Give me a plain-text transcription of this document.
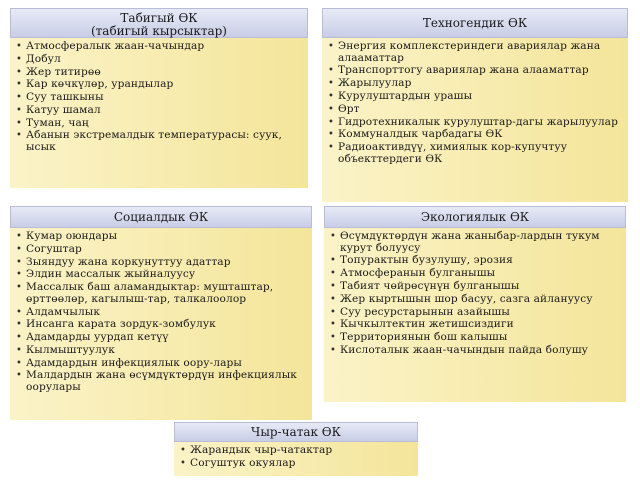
Табигый ӨК
(табигый кырсыктар)
• Атмосфералык жаан-чачындар
• Добул
• Жер титирөө
• Кар көчкүлөр, урандылар
• Суу ташкыны
• Катуу шамал
• Туман, чаң
• Абанын экстремалдык температурасы: суук, ысык
Техногендик ӨК
• Энергия комплекстериндеги авариялар жана алааматтар
• Транспорттогу авариялар жана алааматтар
• Жарылуулар
• Курулуштардын урашы
• Өрт
• Гидротехникалык курулуштар-дагы жарылуулар
• Коммуналдык чарбадагы ӨК
• Радиоактивдүү, химиялык кор-купучтуу объекттердеги ӨК
Социалдык ӨК
• Кумар оюндары
• Согуштар
• Зыяндуу жана коркунуттуу адаттар
• Элдин массалык жыйналуусу
• Массалык баш аламандыктар: мушташтар, өрттөөлөр, кагылыш-тар, талкалоолор
• Алдамчылык
• Инсанга карата зордук-зомбулук
• Адамдарды уурдап кетүү
• Кылмыштуулук
• Адамдардын инфекциялык оору-лары
• Малдардын жана өсүмдүктөрдүн инфекциялык оорулары
Экологиялык ӨК
• Өсүмдүктөрдүн жана жаныбар-лардын тукум курут болуусу
• Топурактын бузулушу, эрозия
• Атмосферанын булганышы
• Табият чөйрөсүнүн булганышы
• Жер кыртышын шор басуу, сазга айлануусу
• Суу ресурстарынын азайышы
• Кычкылтектин жетишсиздиги
• Территориянын бош калышы
• Кислоталык жаан-чачындын пайда болушу
Чыр-чатак ӨК
• Жарандык чыр-чатактар
• Согуштук окуялар
